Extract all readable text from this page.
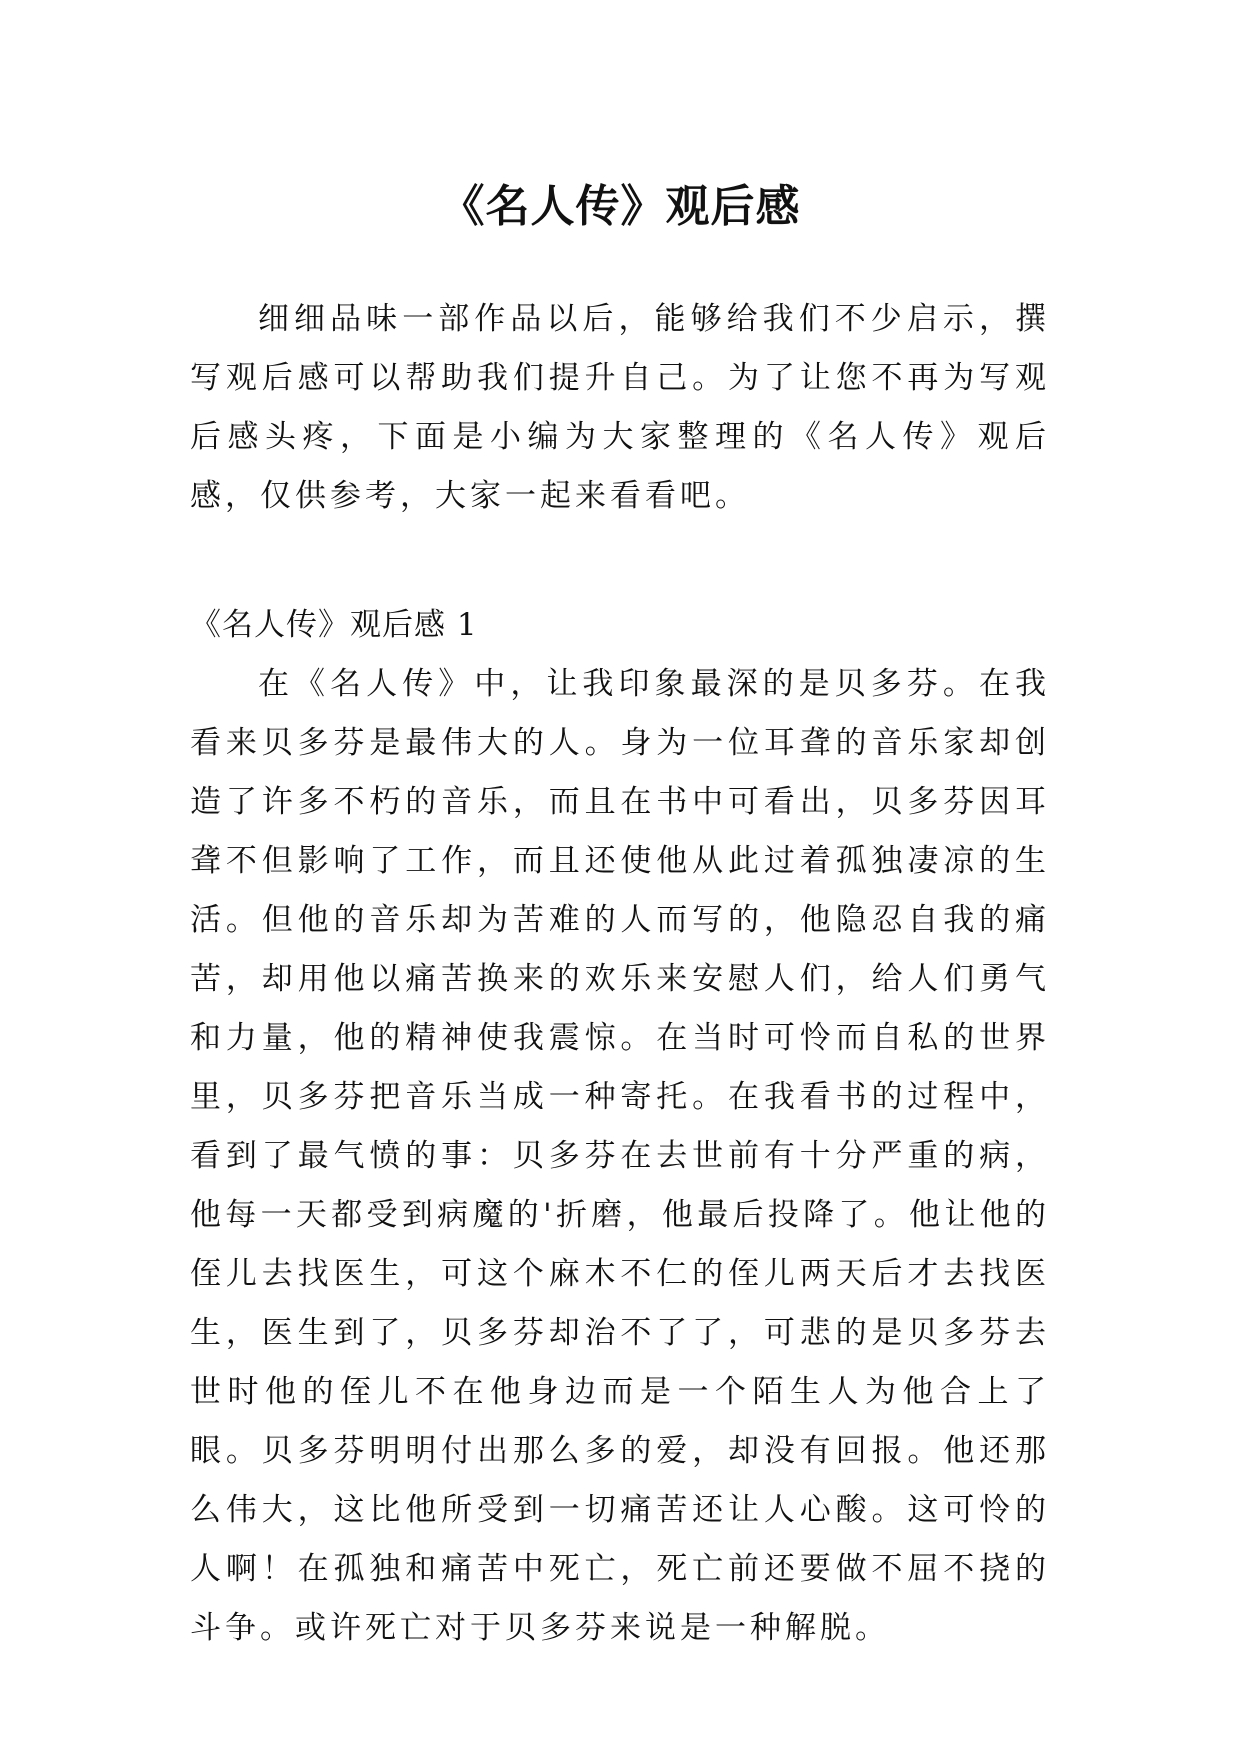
《名人传》观后感

细细品味一部作品以后，能够给我们不少启示，撰写观后感可以帮助我们提升自己。为了让您不再为写观后感头疼，下面是小编为大家整理的《名人传》观后感，仅供参考，大家一起来看看吧。

《名人传》观后感 1

在《名人传》中，让我印象最深的是贝多芬。在我看来贝多芬是最伟大的人。身为一位耳聋的音乐家却创造了许多不朽的音乐，而且在书中可看出，贝多芬因耳聋不但影响了工作，而且还使他从此过着孤独凄凉的生活。但他的音乐却为苦难的人而写的，他隐忍自我的痛苦，却用他以痛苦换来的欢乐来安慰人们，给人们勇气和力量，他的精神使我震惊。在当时可怜而自私的世界里，贝多芬把音乐当成一种寄托。在我看书的过程中，看到了最气愤的事：贝多芬在去世前有十分严重的病，他每一天都受到病魔的'折磨，他最后投降了。他让他的侄儿去找医生，可这个麻木不仁的侄儿两天后才去找医生，医生到了，贝多芬却治不了了，可悲的是贝多芬去世时他的侄儿不在他身边而是一个陌生人为他合上了眼。贝多芬明明付出那么多的爱，却没有回报。他还那么伟大，这比他所受到一切痛苦还让人心酸。这可怜的人啊！在孤独和痛苦中死亡，死亡前还要做不屈不挠的斗争。或许死亡对于贝多芬来说是一种解脱。
